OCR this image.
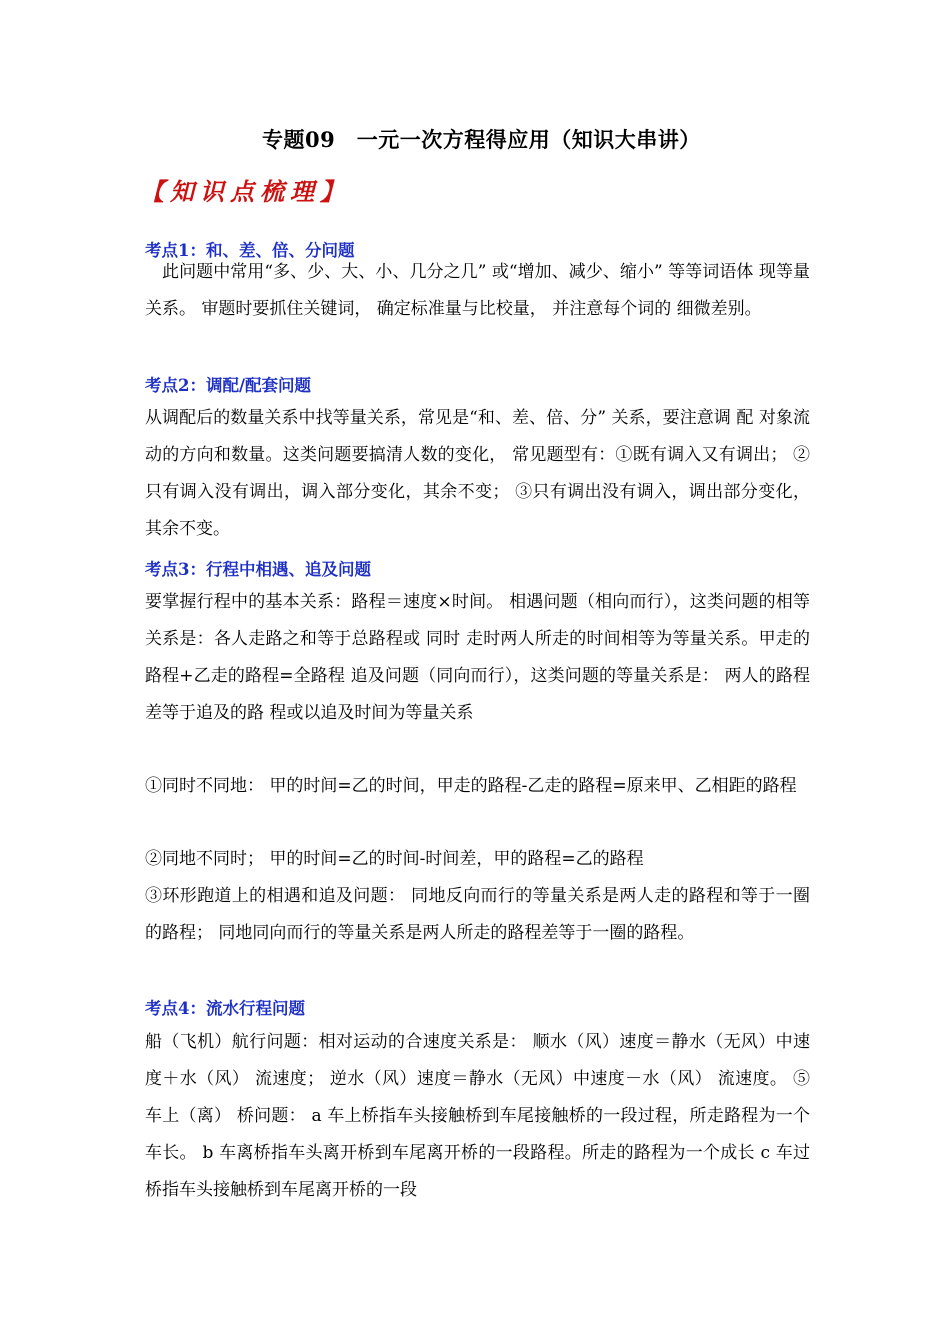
专题09　一元一次方程得应用（知识大串讲）
【知识点梳理】
考点1：和、差、倍、分问题

　此问题中常用“多、少、大、小、几分之几” 或“增加、减少、缩小” 等等词语体 现等量关系。 审题时要抓住关键词， 确定标准量与比校量， 并注意每个词的 细微差别。

考点2：调配/配套问题

从调配后的数量关系中找等量关系，常见是“和、差、倍、分” 关系，要注意调 配 对象流动的方向和数量。这类问题要搞清人数的变化， 常见题型有：①既有调入又有调出； ②只有调入没有调出，调入部分变化，其余不变； ③只有调出没有调入，调出部分变化，其余不变。

考点3：行程中相遇、追及问题

要掌握行程中的基本关系：路程＝速度×时间。 相遇问题（相向而行），这类问题的相等关系是：各人走路之和等于总路程或 同时 走时两人所走的时间相等为等量关系。甲走的路程+乙走的路程=全路程 追及问题（同向而行），这类问题的等量关系是： 两人的路程差等于追及的路 程或以追及时间为等量关系

①同时不同地： 甲的时间=乙的时间，甲走的路程-乙走的路程=原来甲、乙相距的路程

②同地不同时； 甲的时间=乙的时间-时间差，甲的路程=乙的路程

③环形跑道上的相遇和追及问题： 同地反向而行的等量关系是两人走的路程和等于一圈的路程； 同地同向而行的等量关系是两人所走的路程差等于一圈的路程。

考点4：流水行程问题

船（飞机）航行问题：相对运动的合速度关系是： 顺水（风）速度＝静水（无风）中速度＋水（风） 流速度； 逆水（风）速度＝静水（无风）中速度－水（风） 流速度。 ⑤车上（离） 桥问题： a 车上桥指车头接触桥到车尾接触桥的一段过程，所走路程为一个车长。 b 车离桥指车头离开桥到车尾离开桥的一段路程。所走的路程为一个成长 c 车过桥指车头接触桥到车尾离开桥的一段
